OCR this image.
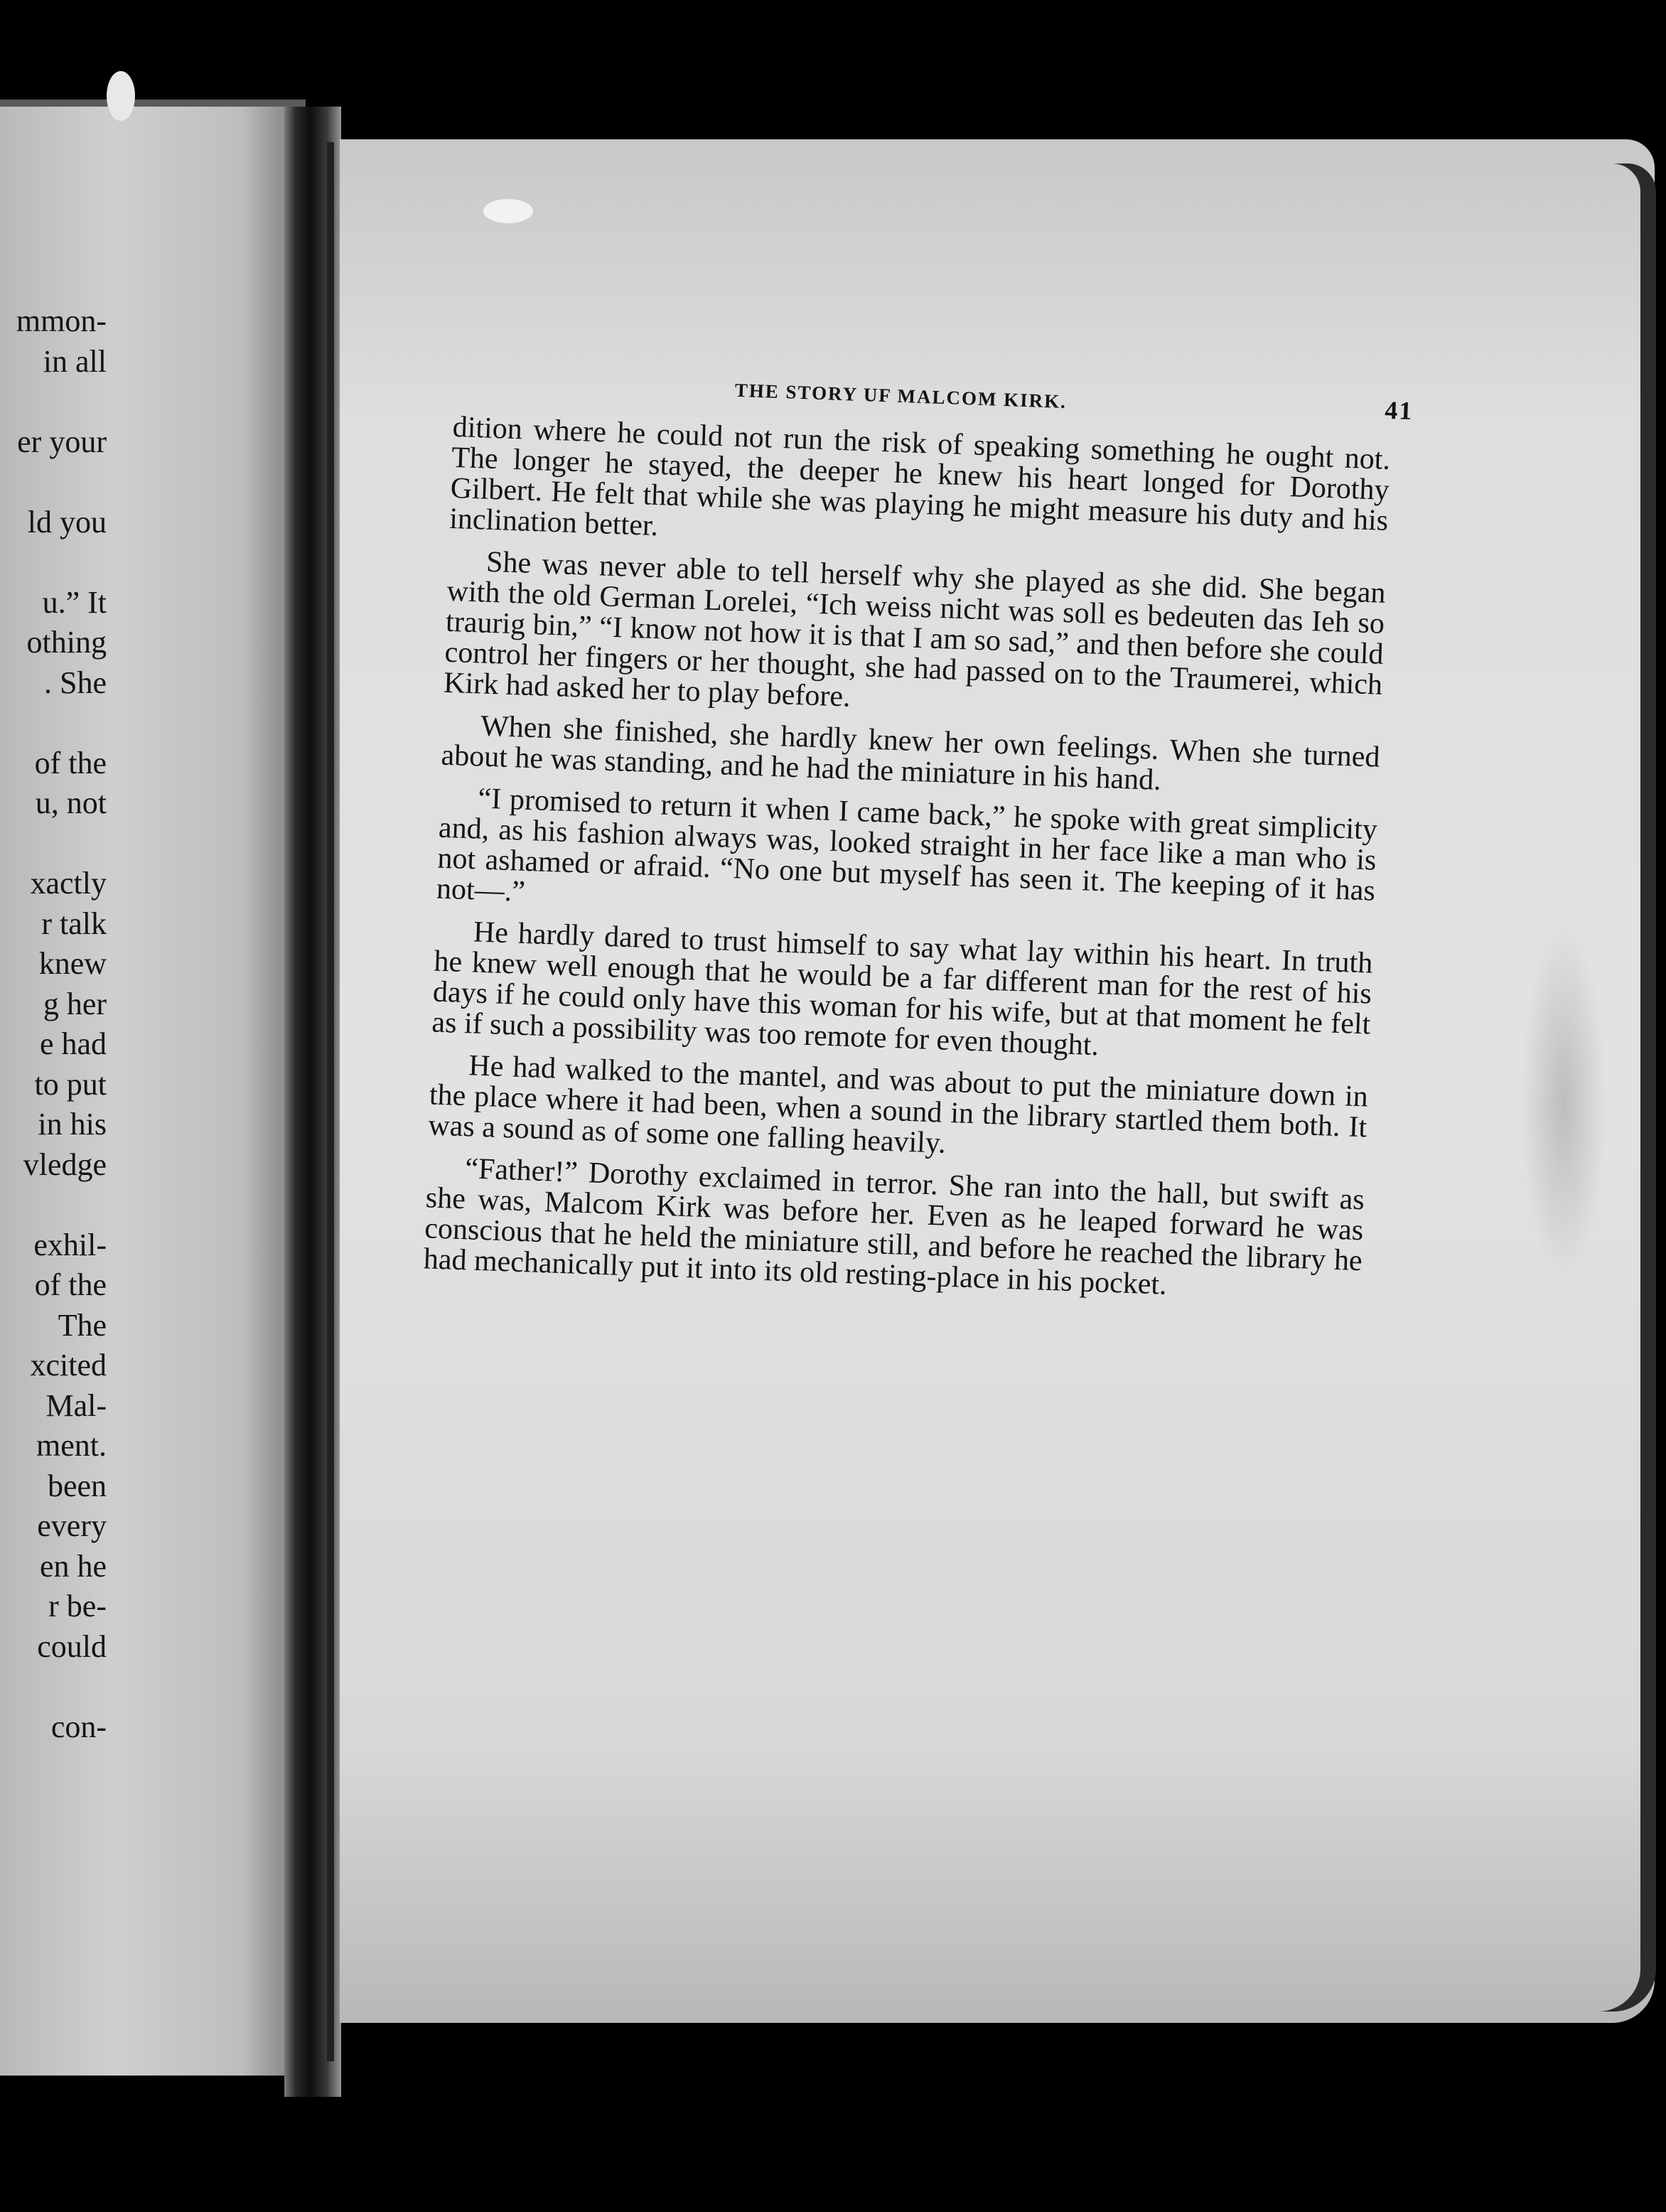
mmon-
in all
er your
ld you
u.” It
othing
. She
of the
u, not
xactly
r talk
knew
g her
e had
to put
in his
vledge
exhil-
of the
The
xcited
Mal-
ment.
been
every
en he
r be-
could
con-
THE STORY UF MALCOM KIRK.	41

dition where he could not run the risk of speaking something he ought not. The longer he stayed, the deeper he knew his heart longed for Dorothy Gilbert. He felt that while she was playing he might measure his duty and his inclination better.

She was never able to tell herself why she played as she did. She began with the old German Lorelei, “Ich weiss nicht was soll es bedeuten das Ieh so traurig bin,” “I know not how it is that I am so sad,” and then before she could control her fingers or her thought, she had passed on to the Traumerei, which Kirk had asked her to play before.

When she finished, she hardly knew her own feelings. When she turned about he was standing, and he had the miniature in his hand.

“I promised to return it when I came back,” he spoke with great simplicity and, as his fashion always was, looked straight in her face like a man who is not ashamed or afraid. “No one but myself has seen it. The keeping of it has not—.”

He hardly dared to trust himself to say what lay within his heart. In truth he knew well enough that he would be a far different man for the rest of his days if he could only have this woman for his wife, but at that moment he felt as if such a possibility was too remote for even thought.

He had walked to the mantel, and was about to put the miniature down in the place where it had been, when a sound in the library startled them both. It was a sound as of some one falling heavily.

“Father!” Dorothy exclaimed in terror. She ran into the hall, but swift as she was, Malcom Kirk was before her. Even as he leaped forward he was conscious that he held the miniature still, and before he reached the library he had mechanically put it into its old resting-place in his pocket.
